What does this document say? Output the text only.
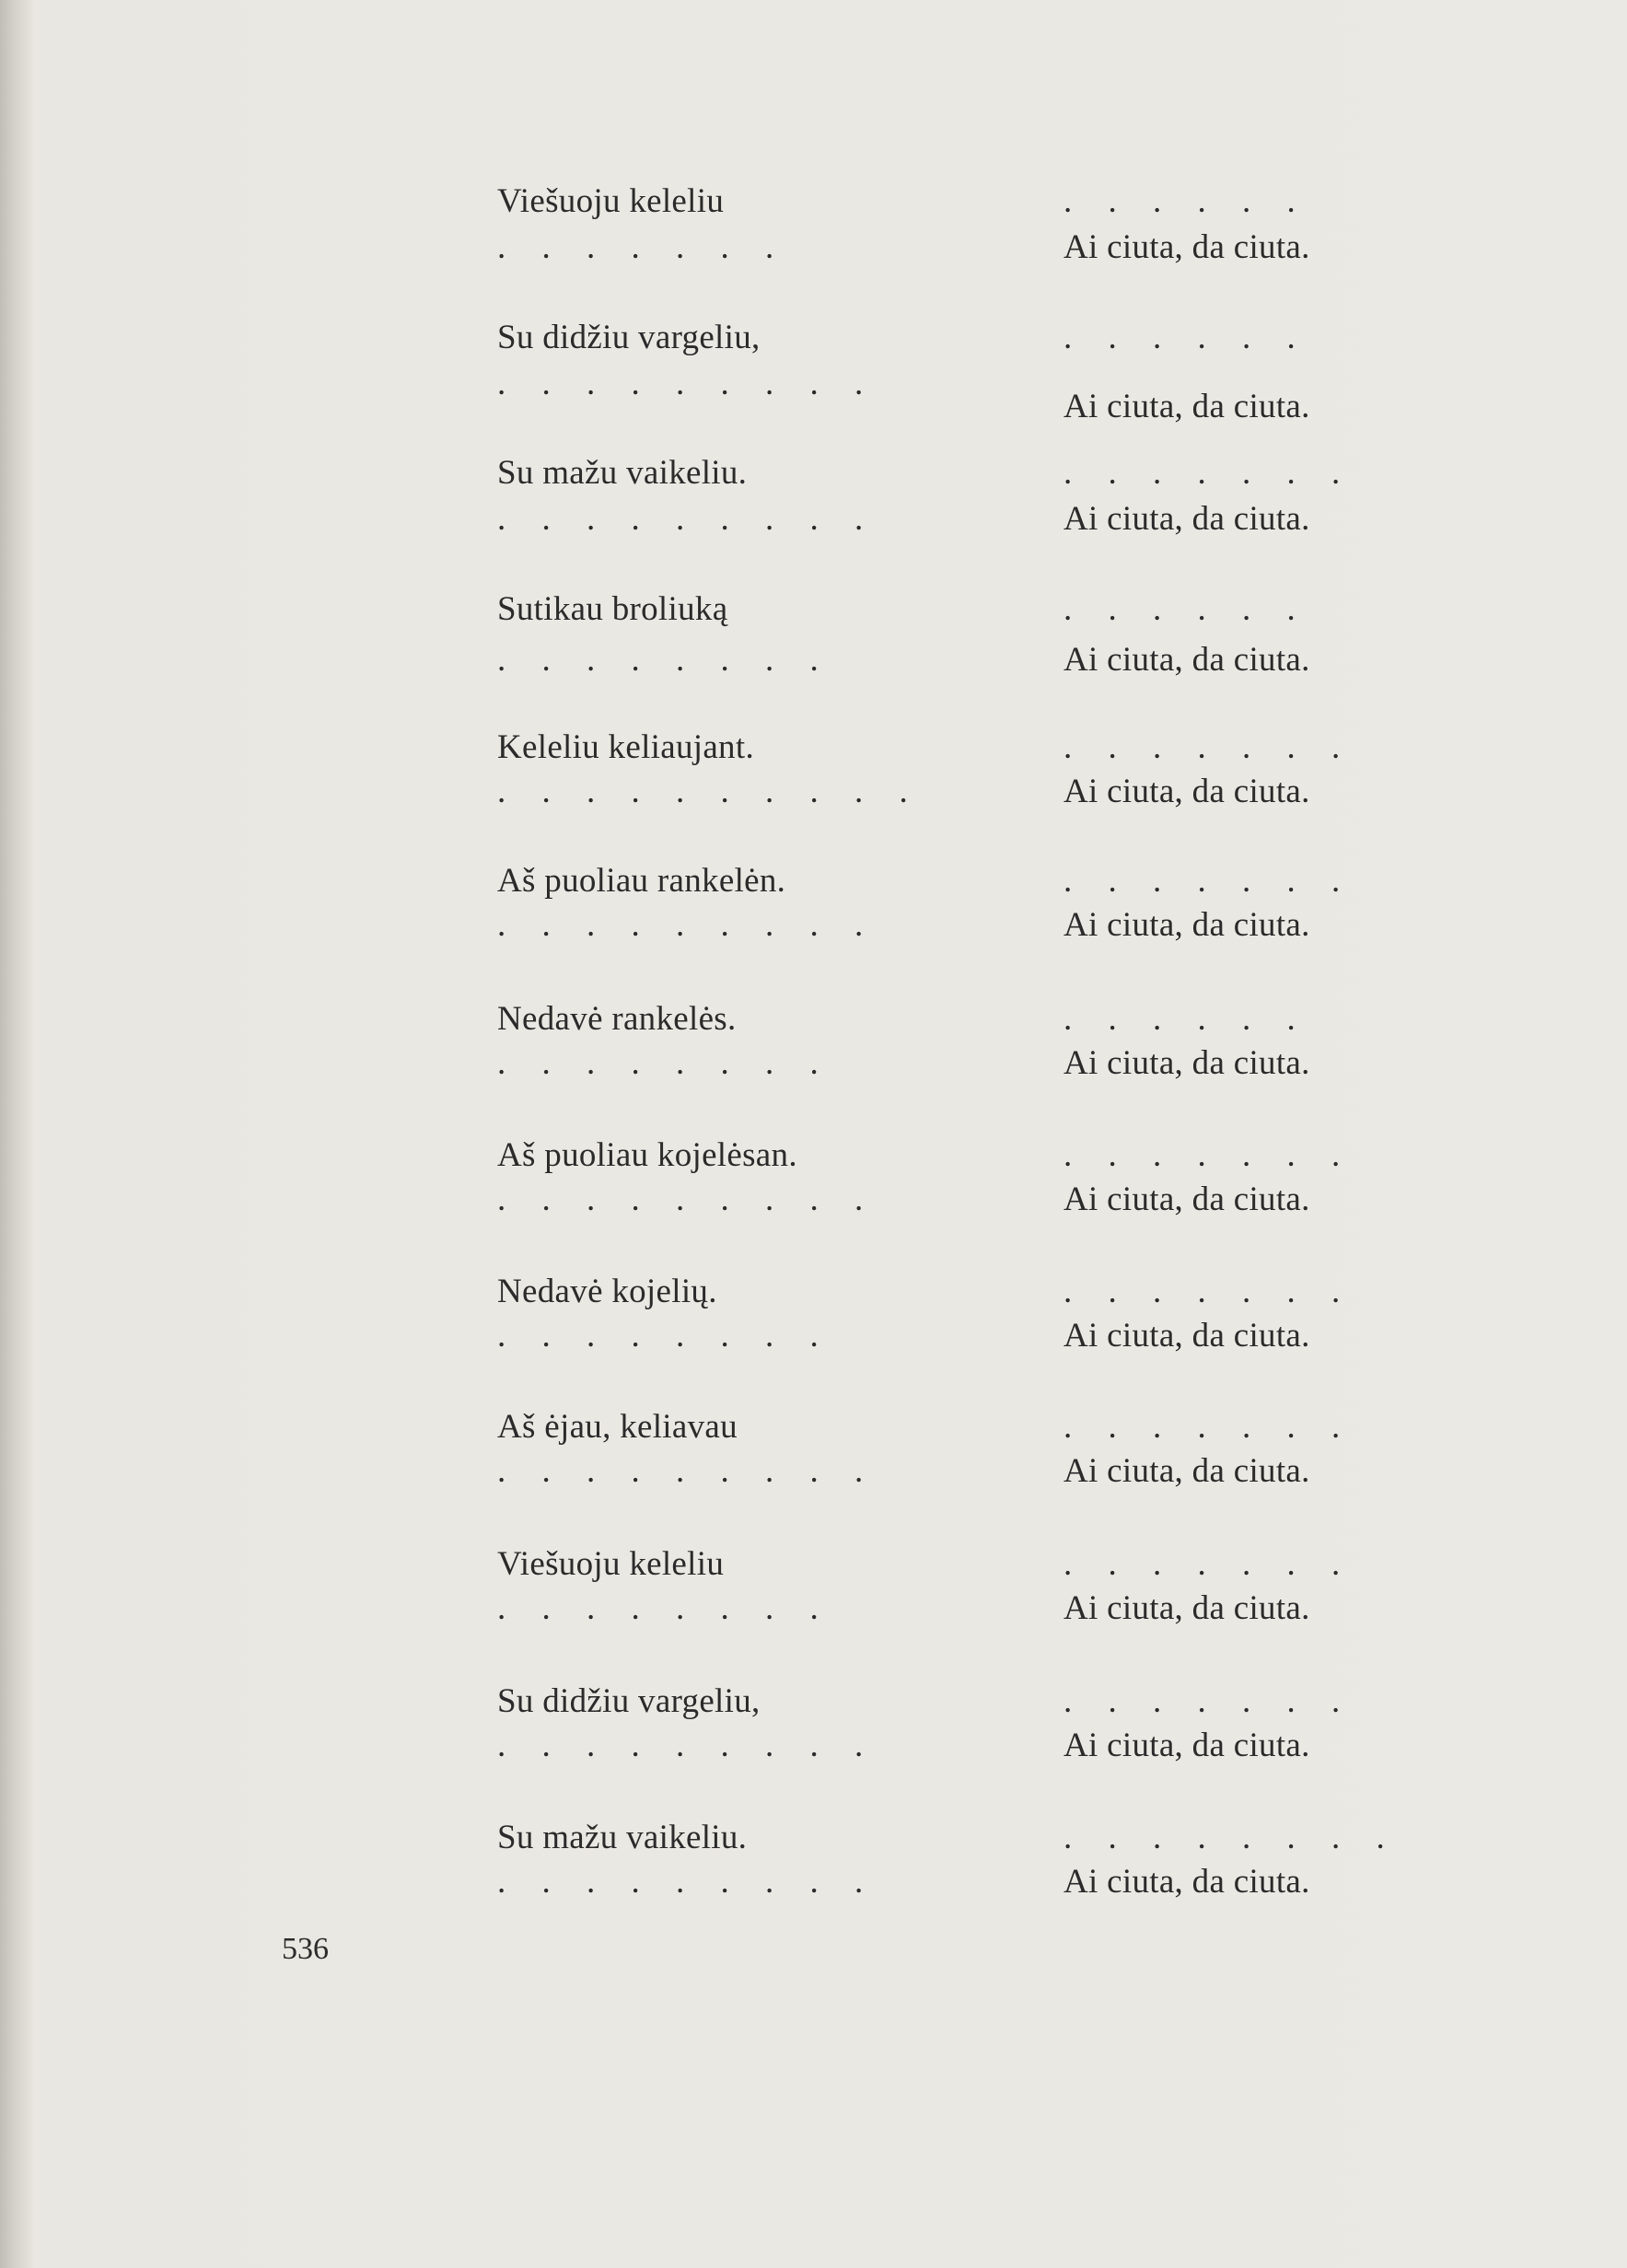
Viešuoju keleliu
. . . . . . .
. . . . . .
Ai ciuta, da ciuta.
Su didžiu vargeliu,
. . . . . . . . .
. . . . . .
Ai ciuta, da ciuta.
Su mažu vaikeliu.
. . . . . . . . .
. . . . . . .
Ai ciuta, da ciuta.
Sutikau broliuką
. . . . . . . .
. . . . . .
Ai ciuta, da ciuta.
Keleliu keliaujant.
. . . . . . . . . .
. . . . . . .
Ai ciuta, da ciuta.
Aš puoliau rankelėn.
. . . . . . . . .
. . . . . . .
Ai ciuta, da ciuta.
Nedavė rankelės.
. . . . . . . .
. . . . . .
Ai ciuta, da ciuta.
Aš puoliau kojelėsan.
. . . . . . . . .
. . . . . . .
Ai ciuta, da ciuta.
Nedavė kojelių.
. . . . . . . .
. . . . . . .
Ai ciuta, da ciuta.
Aš ėjau, keliavau
. . . . . . . . .
. . . . . . .
Ai ciuta, da ciuta.
Viešuoju keleliu
. . . . . . . .
. . . . . . .
Ai ciuta, da ciuta.
Su didžiu vargeliu,
. . . . . . . . .
. . . . . . .
Ai ciuta, da ciuta.
Su mažu vaikeliu.
. . . . . . . . .
. . . . . . . .
Ai ciuta, da ciuta.
536
